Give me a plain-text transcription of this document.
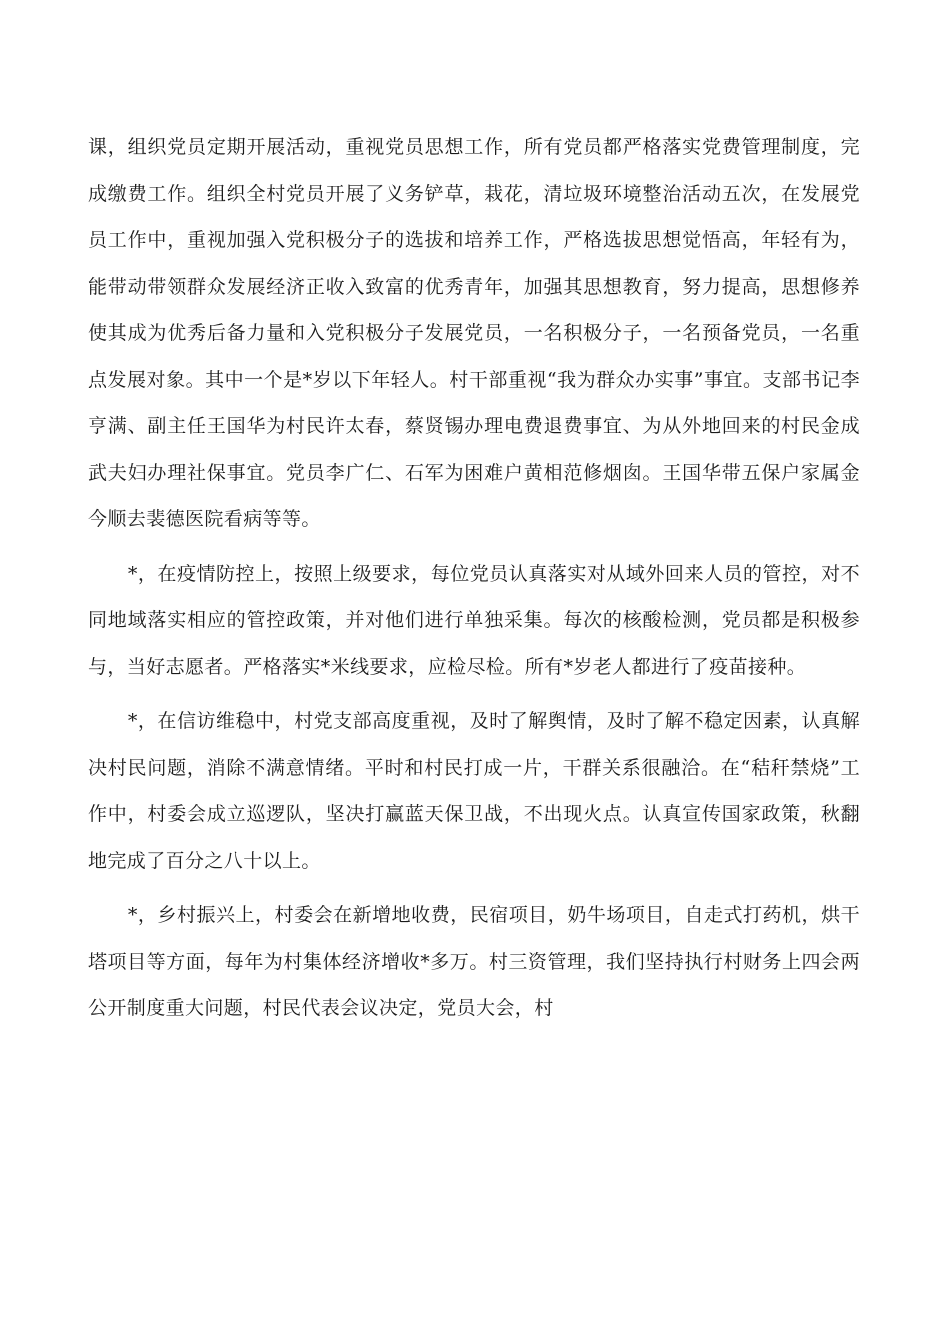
课，组织党员定期开展活动，重视党员思想工作，所有党员都严格落实党费管理制度，完成缴费工作。组织全村党员开展了义务铲草，栽花，清垃圾环境整治活动五次，在发展党员工作中，重视加强入党积极分子的选拔和培养工作，严格选拔思想觉悟高，年轻有为，能带动带领群众发展经济正收入致富的优秀青年，加强其思想教育，努力提高，思想修养使其成为优秀后备力量和入党积极分子发展党员，一名积极分子，一名预备党员，一名重点发展对象。其中一个是*岁以下年轻人。村干部重视“我为群众办实事”事宜。支部书记李亨满、副主任王国华为村民许太春，蔡贤锡办理电费退费事宜、为从外地回来的村民金成武夫妇办理社保事宜。党员李广仁、石军为困难户黄相范修烟囱。王国华带五保户家属金今顺去裴德医院看病等等。

*，在疫情防控上，按照上级要求，每位党员认真落实对从域外回来人员的管控，对不同地域落实相应的管控政策，并对他们进行单独采集。每次的核酸检测，党员都是积极参与，当好志愿者。严格落实*米线要求，应检尽检。所有*岁老人都进行了疫苗接种。

*，在信访维稳中，村党支部高度重视，及时了解舆情，及时了解不稳定因素，认真解决村民问题，消除不满意情绪。平时和村民打成一片，干群关系很融洽。在“秸秆禁烧”工作中，村委会成立巡逻队，坚决打赢蓝天保卫战，不出现火点。认真宣传国家政策，秋翻地完成了百分之八十以上。

*，乡村振兴上，村委会在新增地收费，民宿项目，奶牛场项目，自走式打药机，烘干塔项目等方面，每年为村集体经济增收*多万。村三资管理，我们坚持执行村财务上四会两公开制度重大问题，村民代表会议决定，党员大会，村
